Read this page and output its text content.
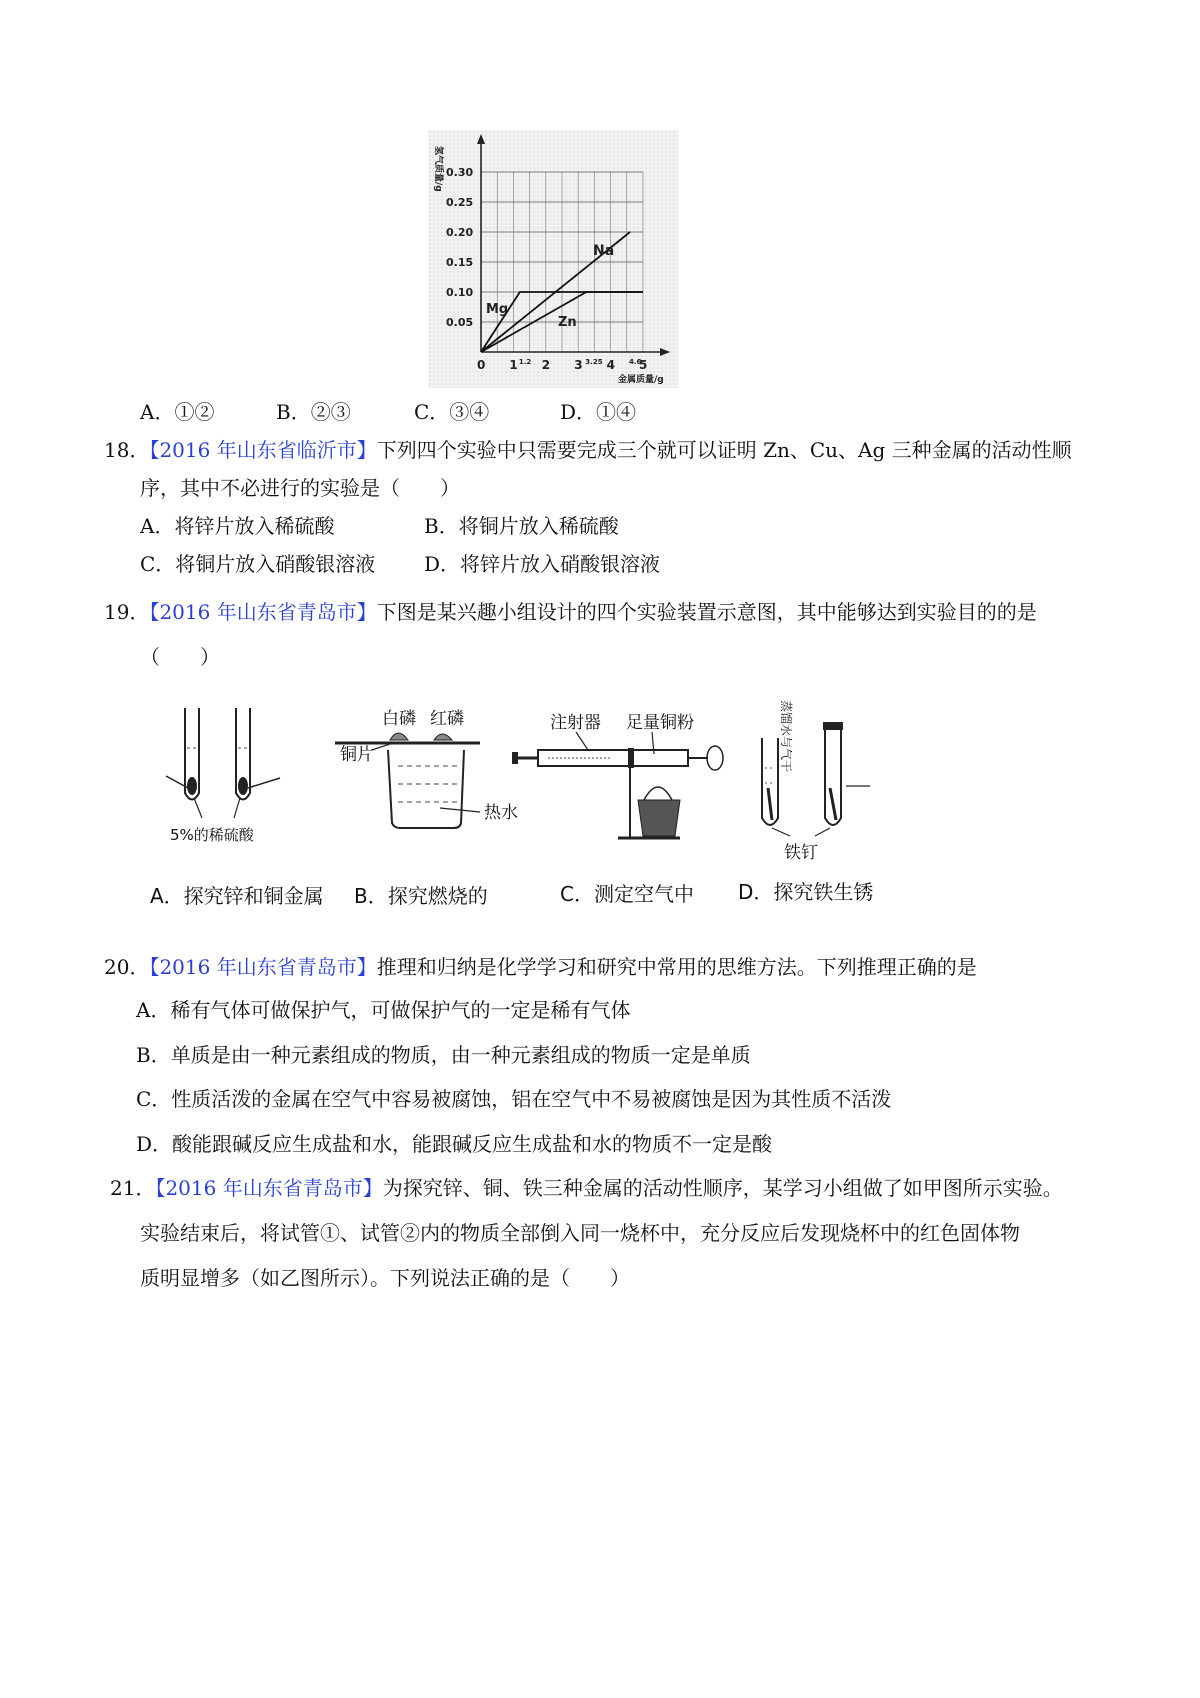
0.30
0.25
0.20
0.15
0.10
0.05
0 1 1.2 2 3 3.25 4 4.6
5
氢气质量/g
金属质量/g
Na
Mg
Zn
A．①②	B．②③	C．③④	D．①④
18．【2016 年山东省临沂市】下列四个实验中只需要完成三个就可以证明 Zn、Cu、Ag 三种金属的活动性顺
序，其中不必进行的实验是（　　）
A．将锌片放入稀硫酸	B．将铜片放入稀硫酸
C．将铜片放入硝酸银溶液 D．将锌片放入硝酸银溶液
19．【2016 年山东省青岛市】下图是某兴趣小组设计的四个实验装置示意图，其中能够达到实验目的的是
（　　）
5%的稀硫酸
白磷 红磷
铜片
热水
注射器 足量铜粉	蒸馏水与气干
铁钉
A．探究锌和铜金属 B．探究燃烧的	C．测定空气中 D．探究铁生锈
20．【2016 年山东省青岛市】推理和归纳是化学学习和研究中常用的思维方法。下列推理正确的是
A．稀有气体可做保护气，可做保护气的一定是稀有气体
B．单质是由一种元素组成的物质，由一种元素组成的物质一定是单质
C．性质活泼的金属在空气中容易被腐蚀，铝在空气中不易被腐蚀是因为其性质不活泼
D．酸能跟碱反应生成盐和水，能跟碱反应生成盐和水的物质不一定是酸
21．【2016 年山东省青岛市】为探究锌、铜、铁三种金属的活动性顺序，某学习小组做了如甲图所示实验。
实验结束后，将试管①、试管②内的物质全部倒入同一烧杯中，充分反应后发现烧杯中的红色固体物
质明显增多（如乙图所示）。下列说法正确的是（　　）
